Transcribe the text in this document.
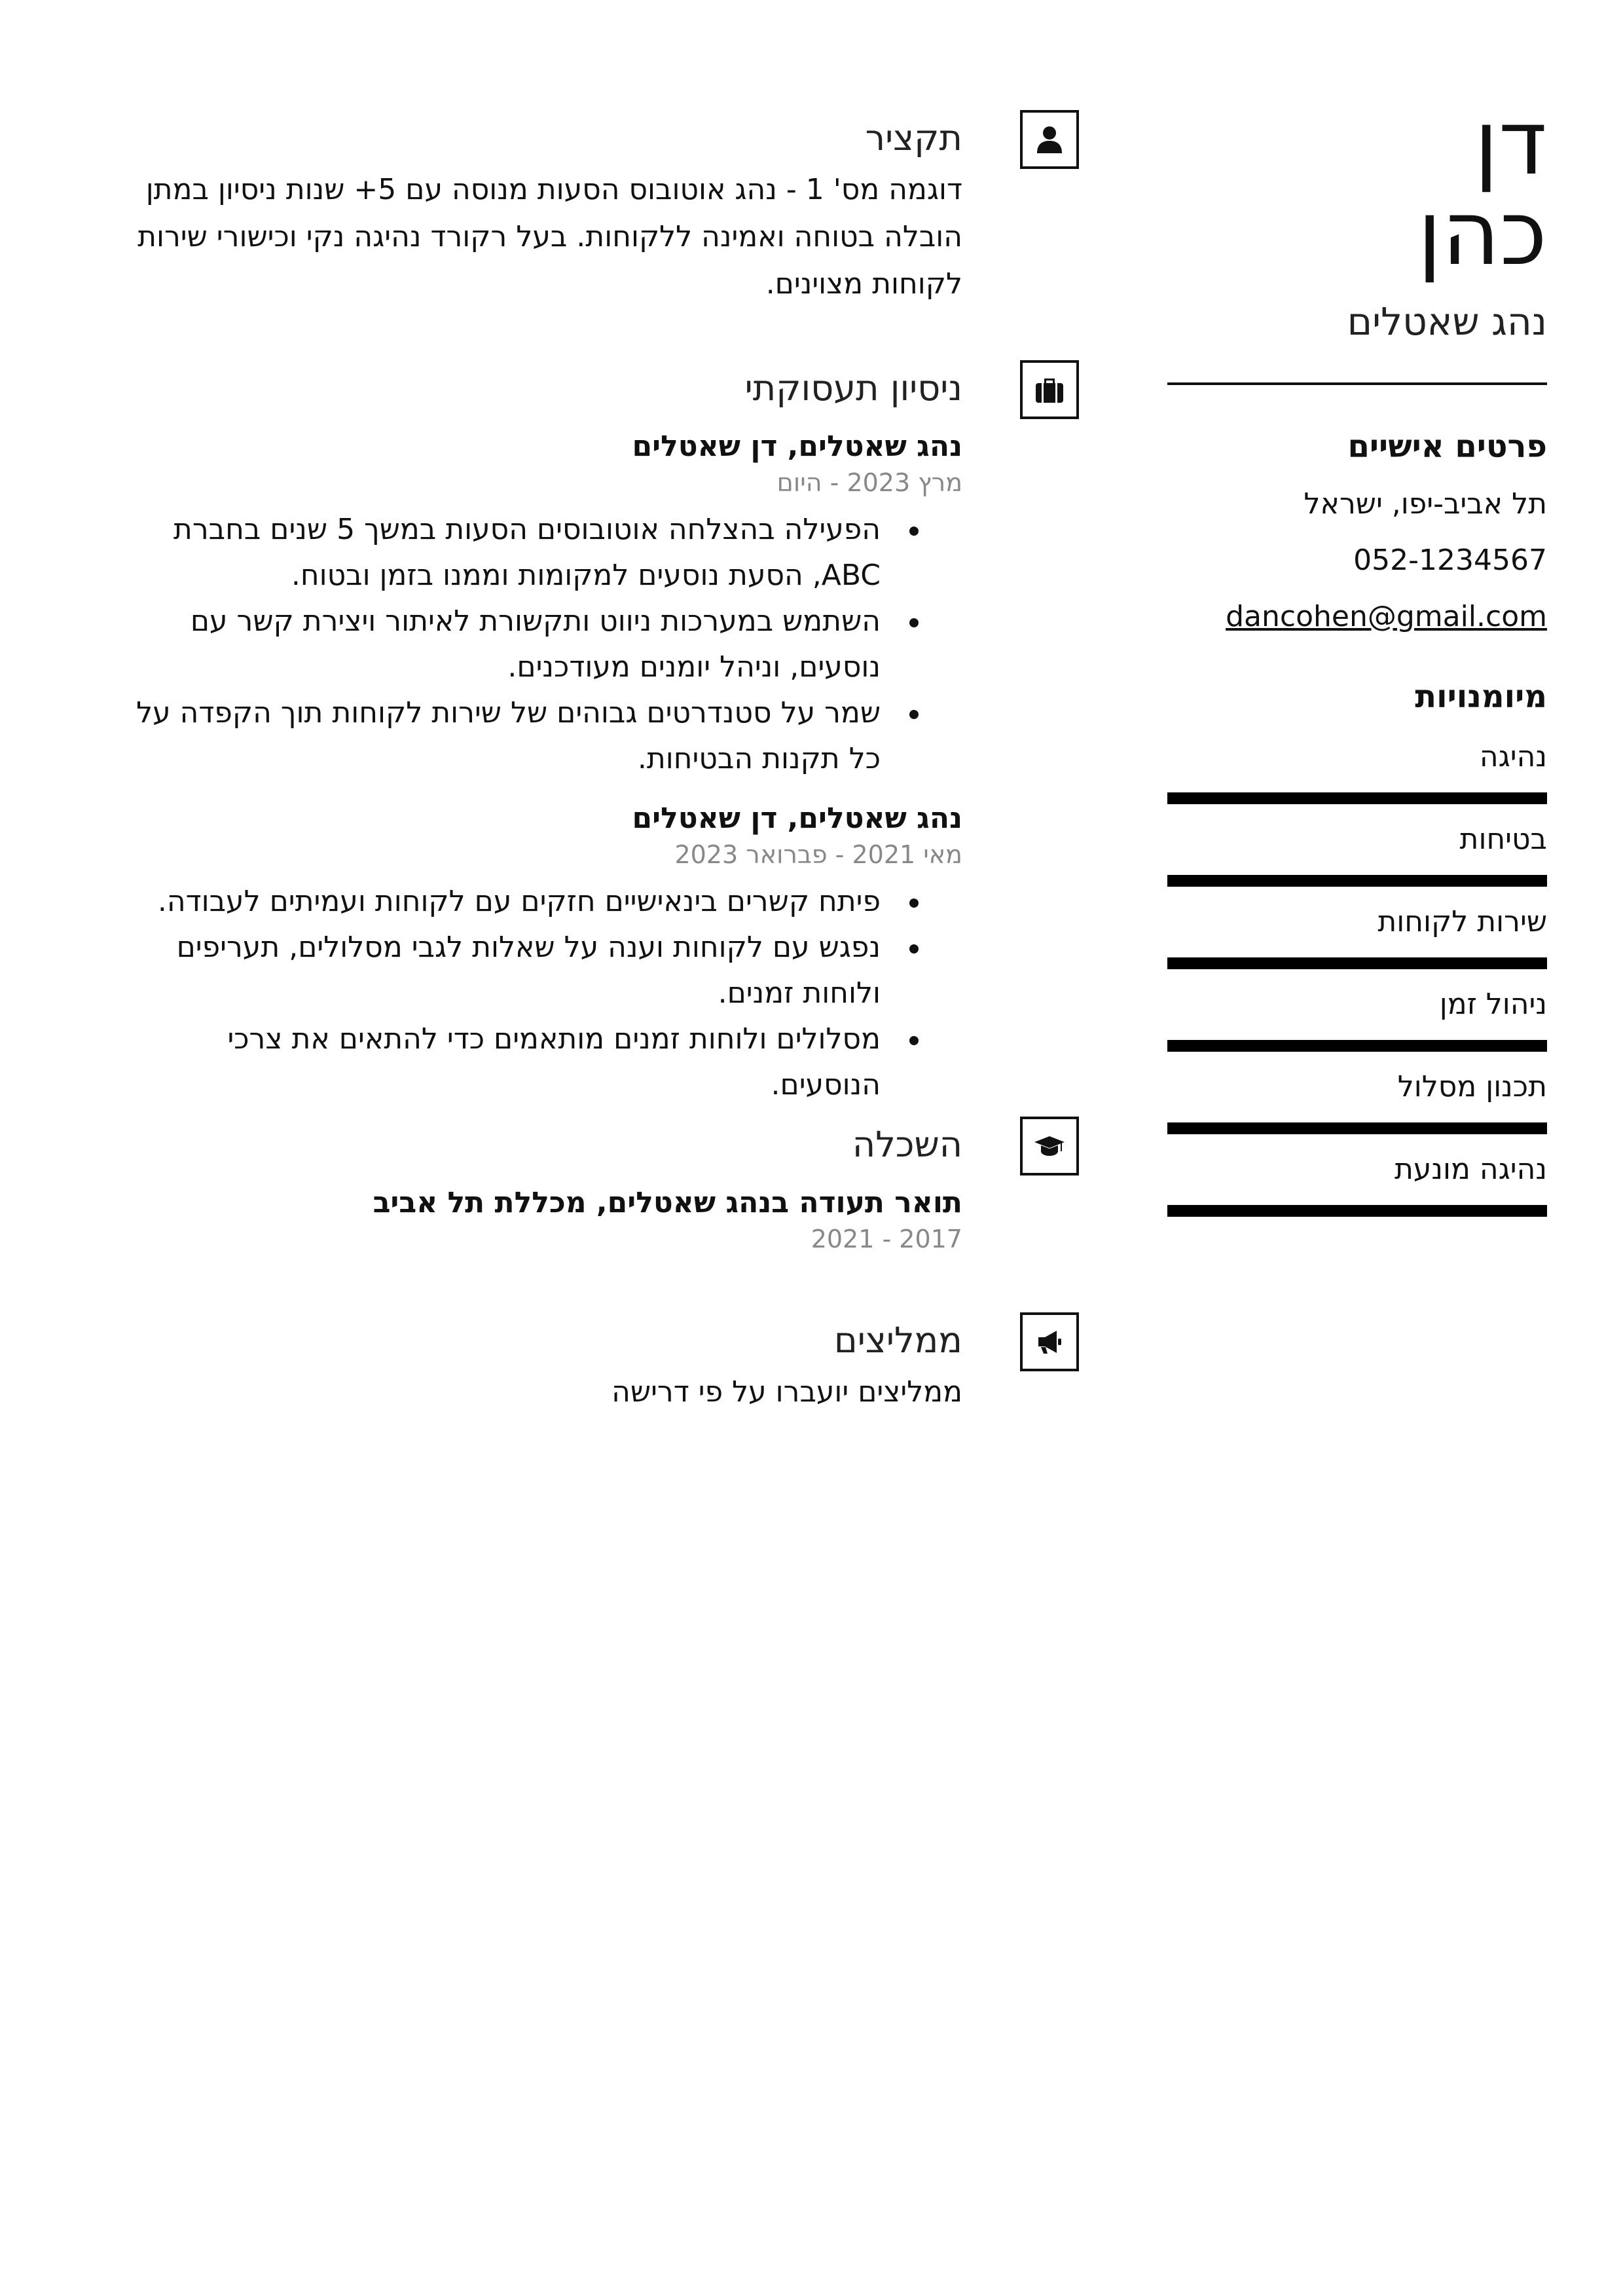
דן
כהן
נהג שאטלים
פרטים אישיים
תל אביב-יפו, ישראל
052-1234567
dancohen@gmail.com
מיומנויות
נהיגה
בטיחות
שירות לקוחות
ניהול זמן
תכנון מסלול
נהיגה מונעת
תקציר
דוגמה מס' 1 - נהג אוטובוס הסעות מנוסה עם 5+ שנות ניסיון במתן הובלה בטוחה ואמינה ללקוחות. בעל רקורד נהיגה נקי וכישורי שירות לקוחות מצוינים.
ניסיון תעסוקתי
נהג שאטלים, דן שאטלים
מרץ 2023 - היום
הפעילה בהצלחה אוטובוסים הסעות במשך 5 שנים בחברת ABC, הסעת נוסעים למקומות וממנו בזמן ובטוח.
השתמש במערכות ניווט ותקשורת לאיתור ויצירת קשר עם נוסעים, וניהל יומנים מעודכנים.
שמר על סטנדרטים גבוהים של שירות לקוחות תוך הקפדה על כל תקנות הבטיחות.
נהג שאטלים, דן שאטלים
מאי 2021 - פברואר 2023
פיתח קשרים בינאישיים חזקים עם לקוחות ועמיתים לעבודה.
נפגש עם לקוחות וענה על שאלות לגבי מסלולים, תעריפים ולוחות זמנים.
מסלולים ולוחות זמנים מותאמים כדי להתאים את צרכי הנוסעים.
השכלה
תואר תעודה בנהג שאטלים, מכללת תל אביב
2017 - 2021
ממליצים
ממליצים יועברו על פי דרישה
